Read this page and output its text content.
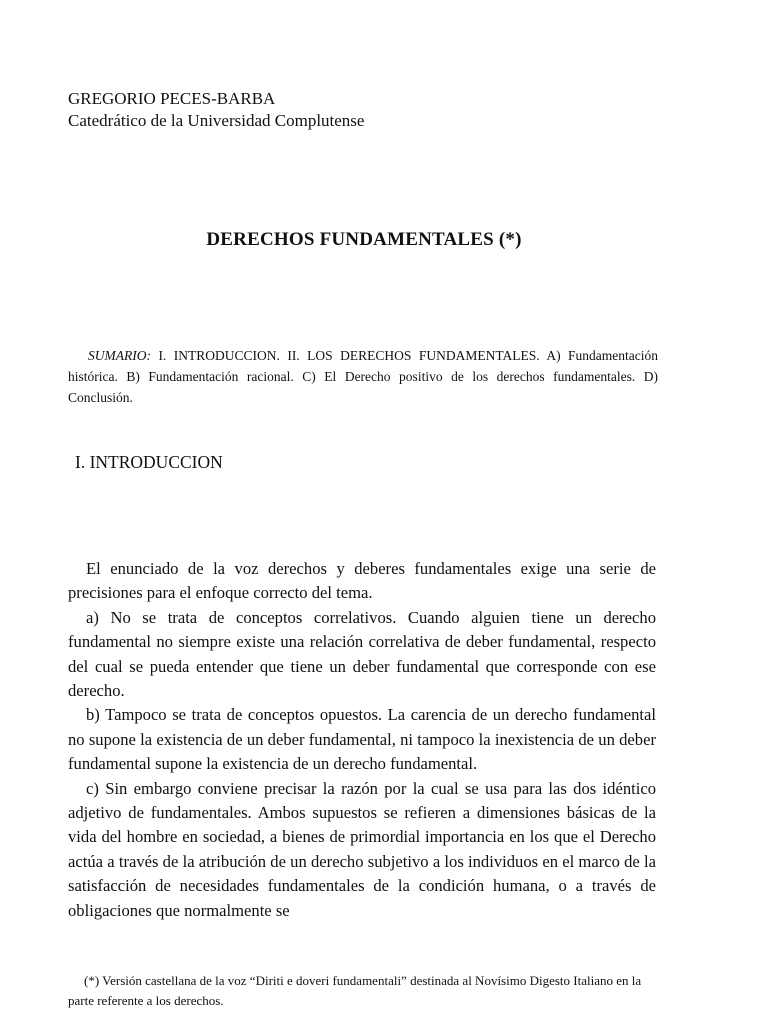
GREGORIO PECES-BARBA
Catedrático de la Universidad Complutense
DERECHOS FUNDAMENTALES (*)
SUMARIO: I. INTRODUCCION. II. LOS DERECHOS FUNDAMENTALES. A) Fundamentación histórica. B) Fundamentación racional. C) El Derecho positivo de los derechos fundamentales. D) Conclusión.
I. INTRODUCCION

El enunciado de la voz derechos y deberes fundamentales exige una serie de precisiones para el enfoque correcto del tema.

a) No se trata de conceptos correlativos. Cuando alguien tiene un derecho fundamental no siempre existe una relación correlativa de deber fundamental, respecto del cual se pueda entender que tiene un deber fundamental que corresponde con ese derecho.

b) Tampoco se trata de conceptos opuestos. La carencia de un derecho fundamental no supone la existencia de un deber fundamental, ni tampoco la inexistencia de un deber fundamental supone la existencia de un derecho fundamental.

c) Sin embargo conviene precisar la razón por la cual se usa para las dos idéntico adjetivo de fundamentales. Ambos supuestos se refieren a dimensiones básicas de la vida del hombre en sociedad, a bienes de primordial importancia en los que el Derecho actúa a través de la atribución de un derecho subjetivo a los individuos en el marco de la satisfacción de necesidades fundamentales de la condición humana, o a través de obligaciones que normalmente se

(*) Versión castellana de la voz “Diriti e doveri fundamentali” destinada al Novísimo Digesto Italiano en la parte referente a los derechos.
